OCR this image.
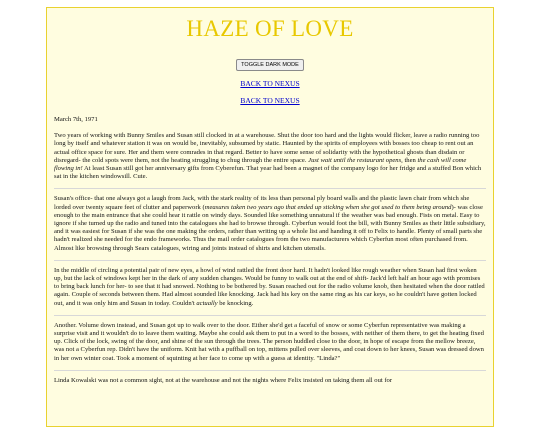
HAZE OF LOVE
TOGGLE DARK MODE
BACK TO NEXUS
BACK TO NEXUS
March 7th, 1971

Two years of working with Bunny Smiles and Susan still clocked in at a warehouse. Shut the door too hard and the lights would flicker, leave a radio running too long by itself and whatever station it was on would be, inevitably, subsumed by static. Haunted by the spirits of employees with bosses too cheap to rent out an actual office space for sure. Her and them were comrades in that regard. Better to have some sense of solidarity with the hypothetical ghosts than disdain or disregard- the cold spots were them, not the heating struggling to chug through the entire space. Just wait until the restaurant opens, then the cash will come flowing in! At least Susan still got her anniversary gifts from Cyberefun. That year had been a magnet of the company logo for her fridge and a stuffed Bon which sat in the kitchen windowsill. Cute.

Susan's office- that one always got a laugh from Jack, with the stark reality of its less than personal ply board walls and the plastic lawn chair from which she lorded over twenty square feet of clutter and paperwork (measures taken two years ago that ended up sticking when she got used to them being around)- was close enough to the main entrance that she could hear it rattle on windy days. Sounded like something unnatural if the weather was bad enough. Fists on metal. Easy to ignore if she turned up the radio and tuned into the catalogues she had to browse through. Cyberfun would foot the bill, with Bunny Smiles as their little subsidiary, and it was easiest for Susan if she was the one making the orders, rather than writing up a whole list and handing it off to Felix to handle. Plenty of small parts she hadn't realized she needed for the endo frameworks. Thus the mail order catalogues from the two manufacturers which Cyberfun most often purchased from. Almost like browsing through Sears catalogues, wiring and joints instead of shirts and kitchen utensils.

In the middle of circling a potential pair of new eyes, a howl of wind rattled the front door hard. It hadn't looked like rough weather when Susan had first woken up, but the lack of windows kept her in the dark of any sudden changes. Would be funny to walk out at the end of shift- Jack'd left half an hour ago with promises to bring back lunch for her- to see that it had snowed. Nothing to be bothered by. Susan reached out for the radio volume knob, then hesitated when the door rattled again. Couple of seconds between them. Had almost sounded like knocking. Jack had his key on the same ring as his car keys, so he couldn't have gotten locked out, and it was only him and Susan in today. Couldn't actually be knocking.

Another. Volume down instead, and Susan got up to walk over to the door. Either she'd get a faceful of snow or some Cyberfun representative was making a surprise visit and it wouldn't do to leave them waiting. Maybe she could ask them to put in a word to the bosses, with neither of them there, to get the heating fixed up. Click of the lock, swing of the door, and shine of the sun through the trees. The person huddled close to the door, in hope of escape from the mellow breeze, was not a Cyberfun rep. Didn't have the uniform. Knit hat with a puffball on top, mittens pulled over sleeves, and coat down to her knees, Susan was dressed down in her own winter coat. Took a moment of squinting at her face to come up with a guess at identity. "Linda?"

Linda Kowalski was not a common sight, not at the warehouse and not the nights where Felix insisted on taking them all out for
